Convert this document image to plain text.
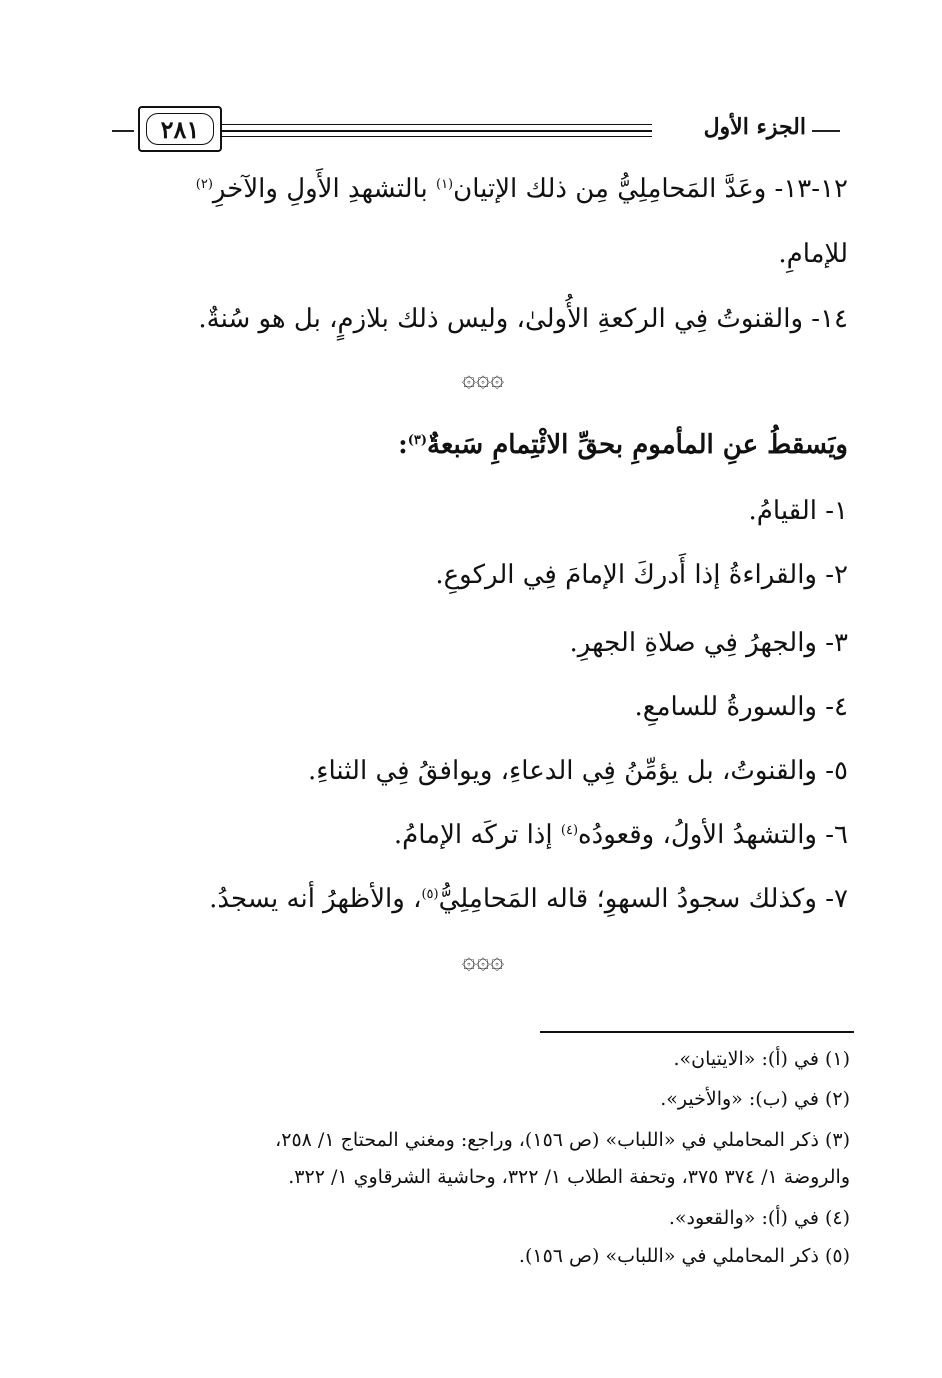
الجزء الأول
٢٨١
١٢-١٣- وعَدَّ المَحامِلِيُّ مِن ذلك الإتيان$^{(١)}$ بالتشهدِ الأَولِ والآخرِ$^{(٢)}$
للإمامِ.
١٤- والقنوتُ فِي الركعةِ الأُولىٰ، وليس ذلك بلازمٍ، بل هو سُنةٌ.
۞۞۞
ويَسقطُ عنِ المأمومِ بحقِّ الائْتِمامِ سَبعةٌ$^{(٣)}$:
١- القيامُ.
٢- والقراءةُ إذا أَدركَ الإمامَ فِي الركوعِ.
٣- والجهرُ فِي صلاةِ الجهرِ.
٤- والسورةُ للسامعِ.
٥- والقنوتُ، بل يؤمِّنُ فِي الدعاءِ، ويوافقُ فِي الثناءِ.
٦- والتشهدُ الأولُ، وقعودُه$^{(٤)}$ إذا تركَه الإمامُ.
٧- وكذلك سجودُ السهوِ؛ قاله المَحامِلِيُّ$^{(٥)}$، والأظهرُ أنه يسجدُ.
۞۞۞
(١) في (أ): «الايتيان».
(٢) في (ب): «والأخير».
(٣) ذكر المحاملي في «اللباب» (ص ١٥٦)، وراجع: ومغني المحتاج ١/ ٢٥٨،
والروضة ١/ ٣٧٤ ٣٧٥، وتحفة الطلاب ١/ ٣٢٢، وحاشية الشرقاوي ١/ ٣٢٢.
(٤) في (أ): «والقعود».
(٥) ذكر المحاملي في «اللباب» (ص ١٥٦).
